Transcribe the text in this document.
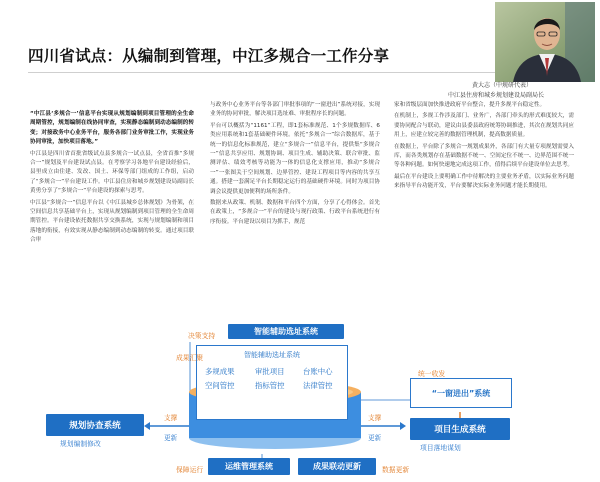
四川省试点：从编制到管理，中江多规合一工作分享
黄大志（中规研代表）
中江县住房和城乡规划建设局副局长

“中江县‘多规合一’信息平台实现从规划编制到项目管理的全生命周期管控，规划编制在线协同审查，实现静态编制到动态编制的转变；对接政务中心业务平台，服务各部门业务审批工作，实现业务协同审批，加快项目落地。”

中江县是四川省首批省级试点县多规合一试点县，全省首推“多规合一”规划及平台建设试点县。在考察学习各地平台建设经验后，县里成立由住建、发改、国土、环保等部门组成的工作组，启动了“多规合一”平台建设工作。中江县住房和城乡规划建设局副局长黄勇分享了“多规合一”平台建设的探索与思考。

中江县“多规合一”信息平台以《中江县城乡总体规划》为骨架，在空间信息共享基础平台上，实现从规划编制到项目管理的全生命周期管控。平台建设依托数据共享交换系统，实现与规划编制和项目落地的衔接，有效实现从静态编制到动态编制的转变。通过项目联合审

与政务中心业务平台等各部门审批事项的“一窗进出”系统对接，实现业务的协同审批，解决项目选址难、审批程序长的问题。

平台可以概括为“1161”工程，即1套标准规范、1个多规数据库、6类应用系统和1套基础硬件环境。依托“多规合一”综合数据库，基于统一的信息化标准规范，建立“多规合一”信息平台，提供集“多规合一”信息共享应用、规划协调、项目生成、辅助决策、联合审批、监测评估、绩效考核等功能为一体的信息化支撑应用，推动“多规合一”一张图关于空间规划、边界管控、建设工程项目等内容的共享互通。搭建一套满足平台长期稳定运行的基础硬件环境。同时为项目协调会议提供更加便利的场所条件。

数据来从政策、机制、数据和平台四个方面，分享了心得体会。首先在政策上，“多规合一”平台的建设与现行政策、行政平台系统进行有序衔接。平台建设以项目为抓手，规范

家和省级层面加快推进政府平台整合，提升多规平台稳定性。

在机制上，多规工作涉及部门、业务广，各部门牵头的形式难度较大，需要协同配合与联动，建议由县委县政府统筹协调推进，其次在规划共同应用上，应建立较完善的数据管理机制，提高数据质量。

在数据上，平台除了多规合一规划成果外，各部门有大量专项规划需要入库，而各类规划存在基础数据不统一、空间定位不统一、边界范围不统一等各种问题。如何快速地完成这项工作，值得后续平台建设单位去思考。

最后在平台建设上要明确工作中待解决的主要业务矛盾，以实际业务问题来指导平台功能开发，平台要解决实际业务问题才能长期使用。

决策支持	智能辅助选址系统
智能辅助选址系统
多规成果	审批项目 台账中心
空间管控	指标管控 法律管控
成果汇聚
统一收发
“一窗进出”系统
规划协查系统
规划编制修改
支撑
更新
支撑
更新
多规合一综合数据库
项目生成系统
项目落地谋划
保障运行	运维管理系统	成果联动更新	数据更新
